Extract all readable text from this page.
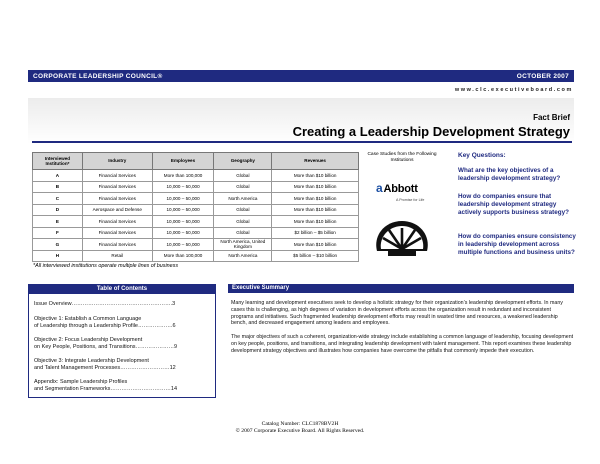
CORPORATE LEADERSHIP COUNCIL®	OCTOBER 2007
www.clc.executiveboard.com
Fact Brief
Creating a Leadership Development Strategy
Interviewed Institution*	Industry	Employees	Geography	Revenues
A	Financial Services	More than 100,000	Global	More than $10 billion
B	Financial Services	10,000 – 50,000	Global	More than $10 billion
C	Financial Services	10,000 – 50,000	North America	More than $10 billion
D	Aerospace and Defense	10,000 – 50,000	Global	More than $10 billion
E	Financial Services	10,000 – 50,000	Global	More than $10 billion
F	Financial Services	10,000 – 50,000	Global	$2 billion – $5 billion
G	Financial Services	10,000 – 50,000	North America, United Kingdom	More than $10 billion
H	Retail	More than 100,000	North America	$5 billion – $10 billion
*All interviewed institutions operate multiple lines of business
Case Studies from the Following Institutions
aAbbott
A Promise for Life
Key Questions:
What are the key objectives of a leadership development strategy?
How do companies ensure that leadership development strategy actively supports business strategy?
How do companies ensure consistency in leadership development across multiple functions and business units?
Table of Contents
Issue Overview……………………………………………….3
Objective 1: Establish a Common Language
of Leadership through a Leadership Profile……………….6
Objective 2: Focus Leadership Development
on Key People, Positions, and Transitions…………………9
Objective 3: Integrate Leadership Development
and Talent Management Processes………………………12
Appendix: Sample Leadership Profiles
and Segmentation Frameworks……………………………14
Executive Summary

Many learning and development executives seek to develop a holistic strategy for their organization’s leadership development efforts. In many cases this is challenging, as high degrees of variation in development efforts across the organization result in redundant and inconsistent programs and initiatives. Such fragmented leadership development efforts may result in wasted time and resources, a weakened leadership bench, and decreased engagement among leaders and employees.

The major objectives of such a coherent, organization-wide strategy include establishing a common language of leadership, focusing development on key people, positions, and transitions, and integrating leadership development with talent management. This report examines these leadership development strategy objectives and illustrates how companies have overcome the pitfalls that commonly impede their execution.

Catalog Number: CLC1878BV2H
© 2007 Corporate Executive Board. All Rights Reserved.
